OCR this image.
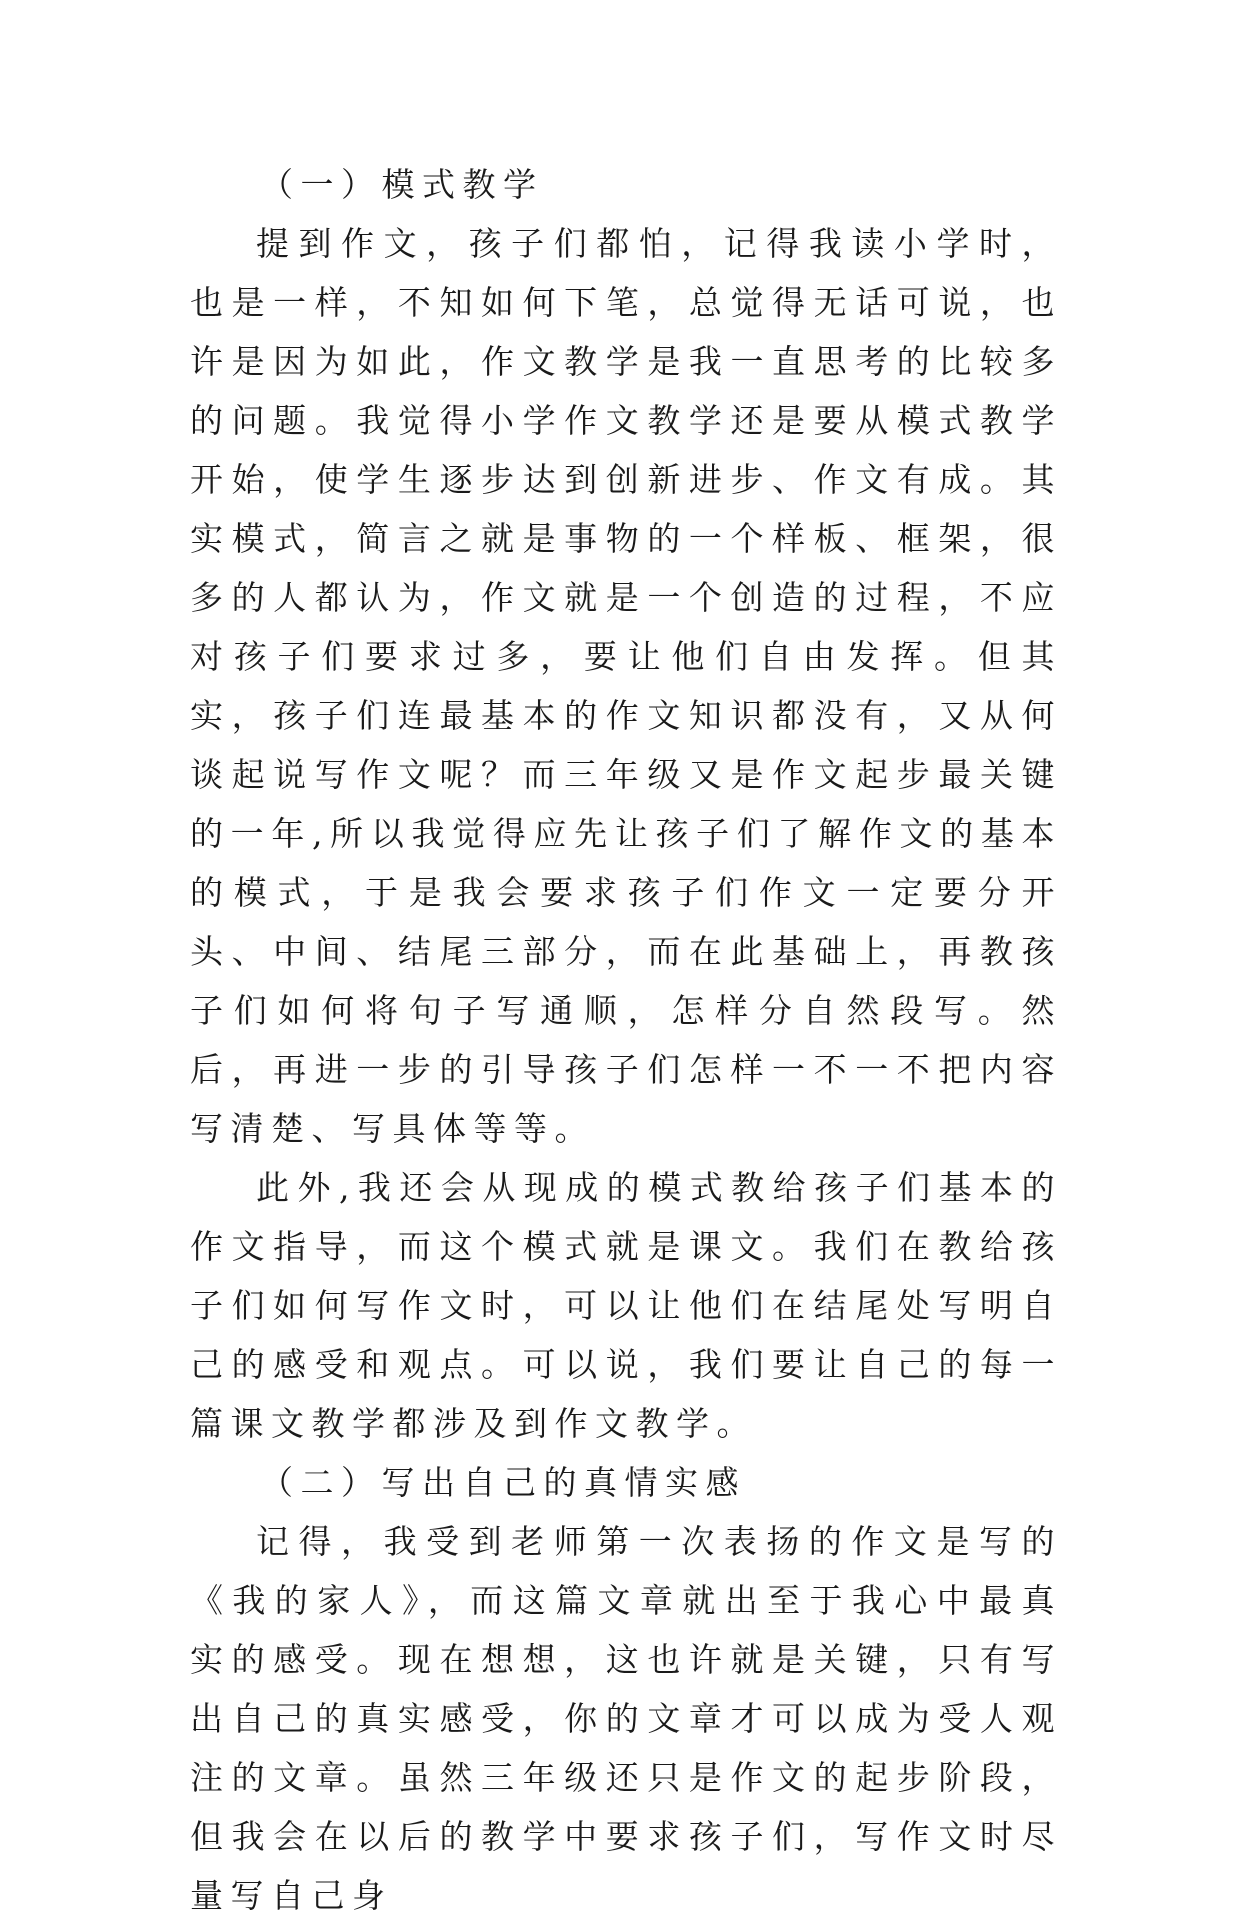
（一）模式教学

提到作文，孩子们都怕，记得我读小学时，也是一样，不知如何下笔，总觉得无话可说，也许是因为如此，作文教学是我一直思考的比较多的问题。我觉得小学作文教学还是要从模式教学开始，使学生逐步达到创新进步、作文有成。其实模式，简言之就是事物的一个样板、框架，很多的人都认为，作文就是一个创造的过程，不应对孩子们要求过多，要让他们自由发挥。但其实，孩子们连最基本的作文知识都没有，又从何谈起说写作文呢？而三年级又是作文起步最关键的一年,所以我觉得应先让孩子们了解作文的基本的模式，于是我会要求孩子们作文一定要分开头、中间、结尾三部分，而在此基础上，再教孩子们如何将句子写通顺，怎样分自然段写。然后，再进一步的引导孩子们怎样一不一不把内容写清楚、写具体等等。

此外,我还会从现成的模式教给孩子们基本的作文指导，而这个模式就是课文。我们在教给孩子们如何写作文时，可以让他们在结尾处写明自己的感受和观点。可以说，我们要让自己的每一篇课文教学都涉及到作文教学。

（二）写出自己的真情实感

记得，我受到老师第一次表扬的作文是写的《我的家人》，而这篇文章就出至于我心中最真实的感受。现在想想，这也许就是关键，只有写出自己的真实感受，你的文章才可以成为受人观注的文章。虽然三年级还只是作文的起步阶段，但我会在以后的教学中要求孩子们，写作文时尽量写自己身
